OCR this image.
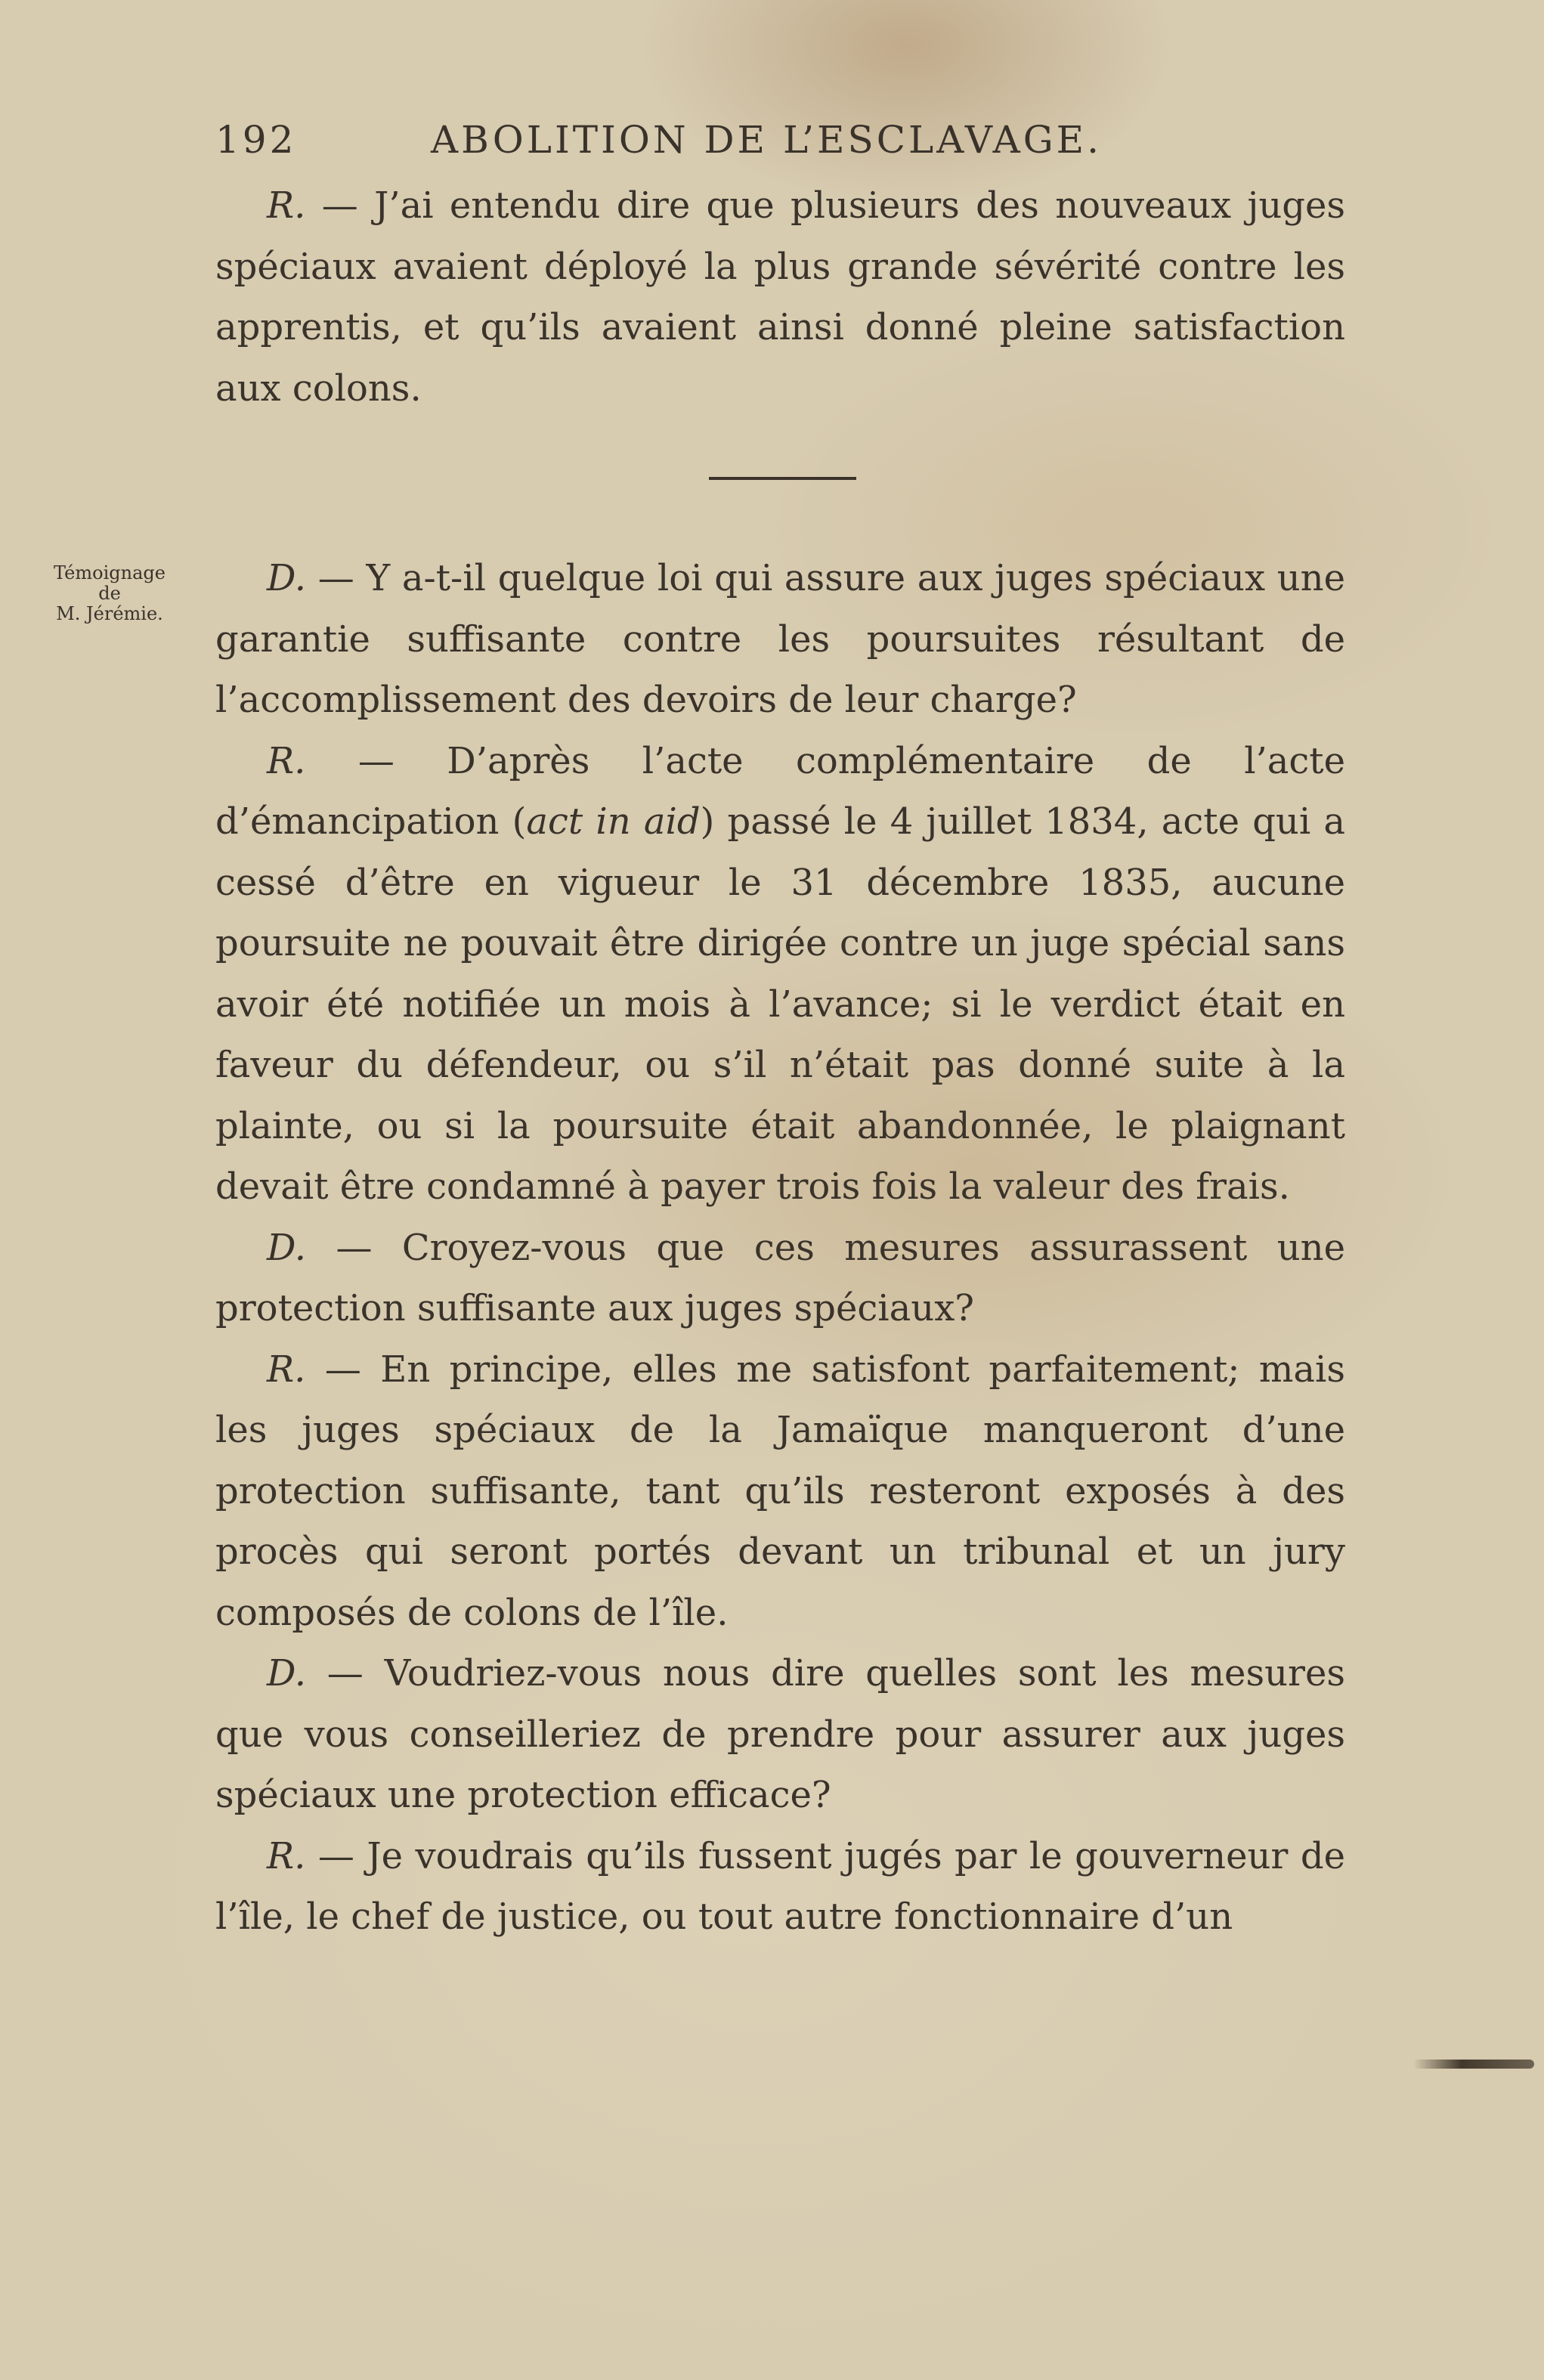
192	ABOLITION DE L’ESCLAVAGE.

R. — J’ai entendu dire que plusieurs des nouveaux juges spéciaux avaient déployé la plus grande sévérité contre les apprentis, et qu’ils avaient ainsi donné pleine satisfaction aux colons.

Témoignage
de
M. Jérémie.

D. — Y a-t-il quelque loi qui assure aux juges spéciaux une garantie suffisante contre les poursuites résultant de l’accomplissement des devoirs de leur charge?

R. — D’après l’acte complémentaire de l’acte d’émancipation (act in aid) passé le 4 juillet 1834, acte qui a cessé d’être en vigueur le 31 décembre 1835, aucune poursuite ne pouvait être dirigée contre un juge spécial sans avoir été notifiée un mois à l’avance; si le verdict était en faveur du défendeur, ou s’il n’était pas donné suite à la plainte, ou si la poursuite était abandonnée, le plaignant devait être condamné à payer trois fois la valeur des frais.

D. — Croyez-vous que ces mesures assurassent une protection suffisante aux juges spéciaux?

R. — En principe, elles me satisfont parfaitement; mais les juges spéciaux de la Jamaïque manqueront d’une protection suffisante, tant qu’ils resteront exposés à des procès qui seront portés devant un tribunal et un jury composés de colons de l’île.

D. — Voudriez-vous nous dire quelles sont les mesures que vous conseilleriez de prendre pour assurer aux juges spéciaux une protection efficace?

R. — Je voudrais qu’ils fussent jugés par le gouverneur de l’île, le chef de justice, ou tout autre fonctionnaire d’un
